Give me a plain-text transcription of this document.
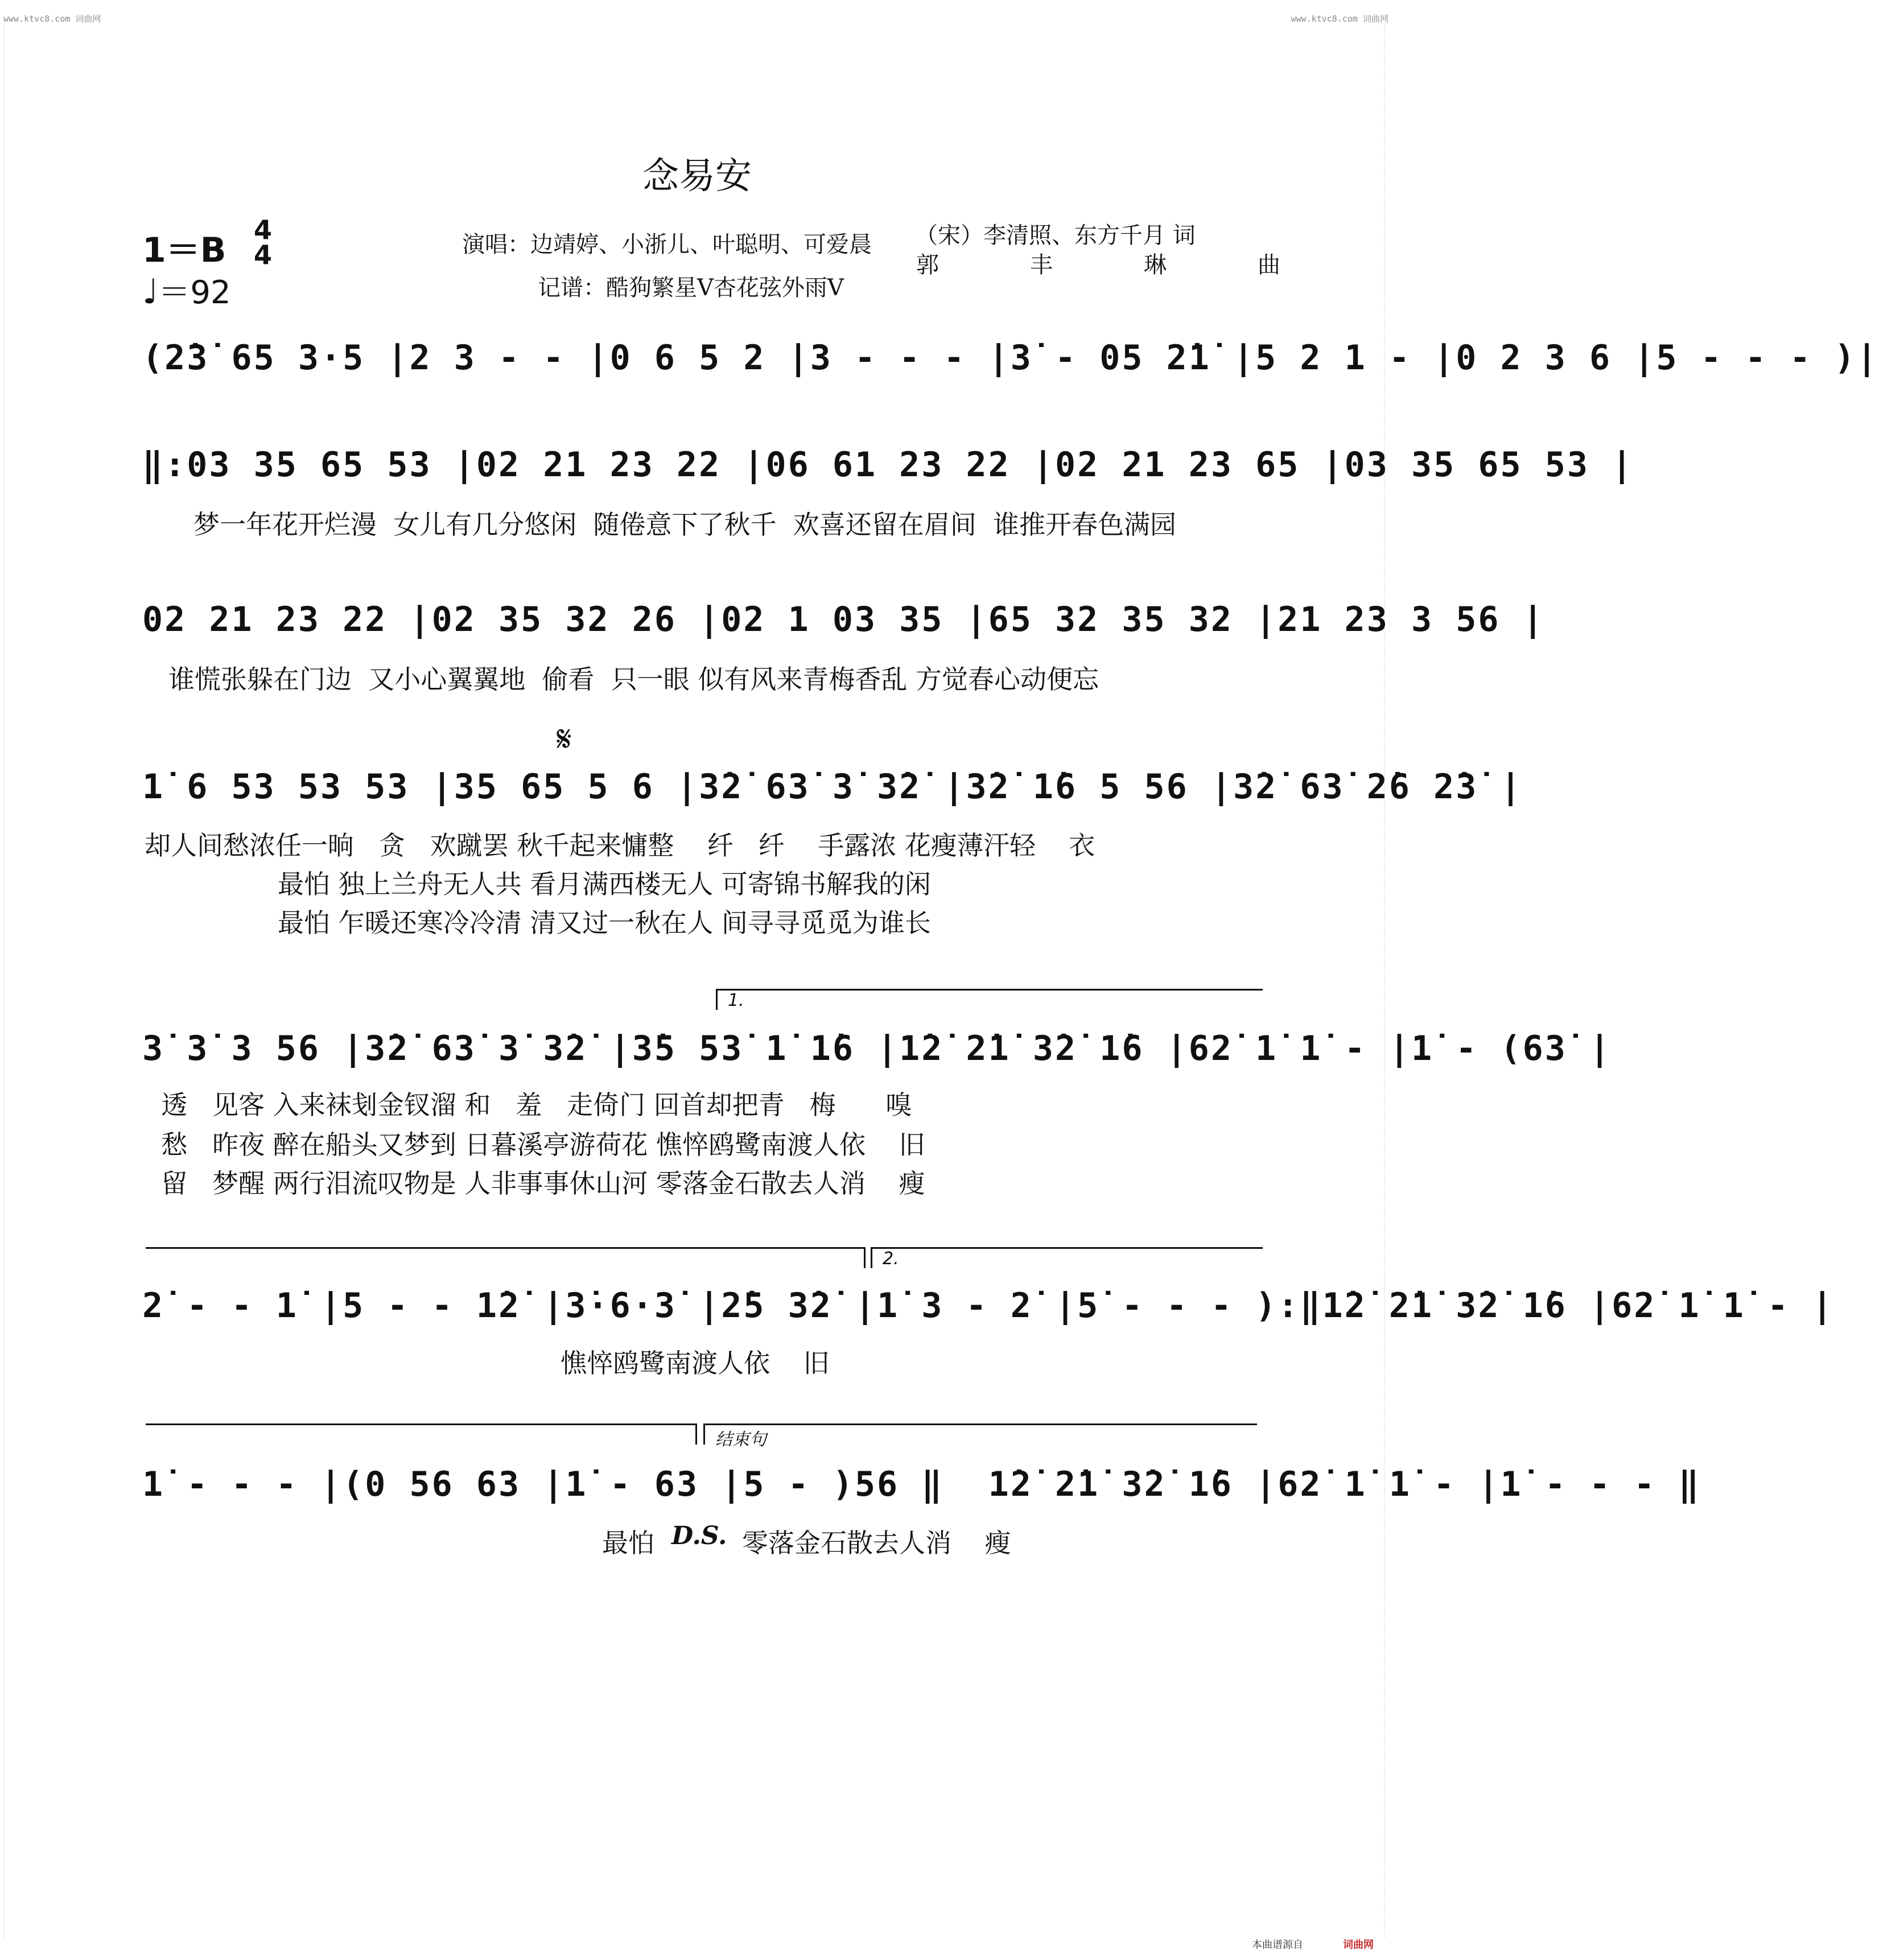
www.ktvc8.com 词曲网	www.ktvc8.com 词曲网
念易安
1＝B
4
4
♩＝92
演唱：边靖婷、小浙儿、叶聪明、可爱晨
记谱：酷狗繁星V杏花弦外雨V
（宋）李清照、东方千月 词
郭丰琳曲
(2̇3̇ 65 3·5 |2 3 - - |0 6 5 2 |3 - - - |3̇ - 05 2̇1̇ |5 2 1 - |0 2 3 6 |5 - - - )|
‖:03 35 65 53 |02 21 23 22 |06 61 23 22 |02 21 23 65 |03 35 65 53 |
梦一年花开烂漫  女儿有几分悠闲  随倦意下了秋千  欢喜还留在眉间  谁推开春色满园
02 21 23 22 |02 35 32 26 |02 1 03 35 |65 32 35 32 |21 23 3 56 |
谁慌张躲在门边  又小心翼翼地  偷看  只一眼 似有风来青梅香乱 方觉春心动便忘
𝄋
1̇ 6 53 53 53 |35 65 5 6 |3̇2̇ 63̇ 3̇ 3̇2̇ |3̇2̇ 1̇6 5 56 |3̇2̇ 63̇ 2̇6 2̇3̇ |
却人间愁浓任一晌   贪   欢蹴罢 秋千起来慵整    纤   纤    手露浓 花瘦薄汗轻    衣
最怕 独上兰舟无人共 看月满西楼无人 可寄锦书解我的闲
最怕 乍暖还寒冷冷清 清又过一秋在人 间寻寻觅觅为谁长
1.
3̇ 3̇ 3 56 |3̇2̇ 63̇ 3̇ 3̇2̇ |3̇5 53̇ 1̇ 1̇6 |1̇2̇ 2̇1̇ 3̇2̇ 1̇6 |62̇ 1̇ 1̇ - |1̇ - (63̇ |
透   见客 入来袜刬金钗溜 和   羞   走倚门 回首却把青   梅      嗅
愁   昨夜 醉在船头又梦到 日暮溪亭游荷花 憔悴鸥鹭南渡人依    旧
留   梦醒 两行泪流叹物是 人非事事休山河 零落金石散去人消    瘦
2.
2̇ - - 1̇ |5 - - 1̇2̇ |3̇·6·3̇ |2̇5 3̇2̇ |1̇ 3 - 2̇ |5̇ - - - ):‖1̇2̇ 2̇1̇ 3̇2̇ 1̇6 |62̇ 1̇ 1̇ - |
憔悴鸥鹭南渡人依    旧
结束句
1̇ - - - |(0 56 63 |1̇ - 63 |5 - )56 ‖  1̇2̇ 2̇1̇ 3̇2̇ 1̇6 |62̇ 1̇ 1̇ - |1̇ - - - ‖
最怕 D.S. 零落金石散去人消    瘦
本曲谱源自	词曲网
